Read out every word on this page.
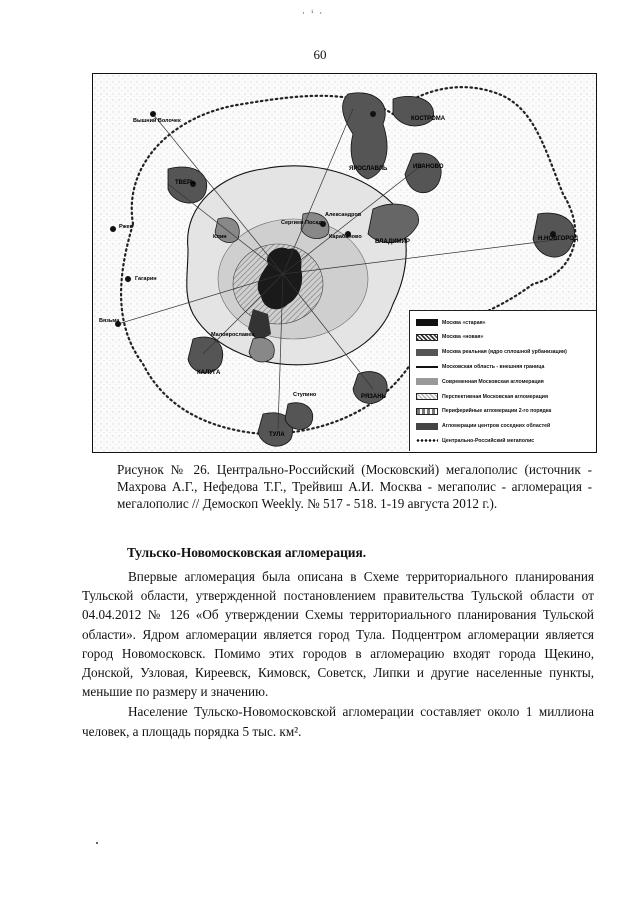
· ⁱ ·
60
Вышний Волочек
ТВЕРЬ
ЯРОСЛАВЛЬ
КОСТРОМА
ИВАНОВО
ВЛАДИМИР	Н.НОВГОРОД
Ржев
Гагарин
Вязьма
Сергиев Посад
Александров
Карабаново
Малоярославец
КАЛУГА
ТУЛА
РЯЗАНЬ
Клин
Ступино
Москва «старая»
Москва «новая»
Москва реальная (ядро сплошной урбанизации)
Московская область - внешняя граница
Современная Московская агломерация
Перспективная Московская агломерация
Периферийные агломерации 2-го порядка
Агломерации центров соседних областей
Центрально-Российский мегаполис
Рисунок № 26. Центрально-Российский (Московский) мегалополис (источник - Махрова А.Г., Нефедова Т.Г., Трейвиш А.И. Москва - мегаполис - агломерация - мегалополис // Демоскоп Weekly. № 517 - 518. 1-19 августа 2012 г.).
Тульско-Новомосковская агломерация.

Впервые агломерация была описана в Схеме территориального планирования Тульской области, утвержденной постановлением правительства Тульской области от 04.04.2012 № 126 «Об утверждении Схемы территориального планирования Тульской области». Ядром агломерации является город Тула. Подцентром агломерации является город Новомосковск. Помимо этих городов в агломерацию входят города Щекино, Донской, Узловая, Киреевск, Кимовск, Советск, Липки и другие населенные пункты, меньшие по размеру и значению.

Население Тульско-Новомосковской агломерации составляет около 1 миллиона человек, а площадь порядка 5 тыс. км².
